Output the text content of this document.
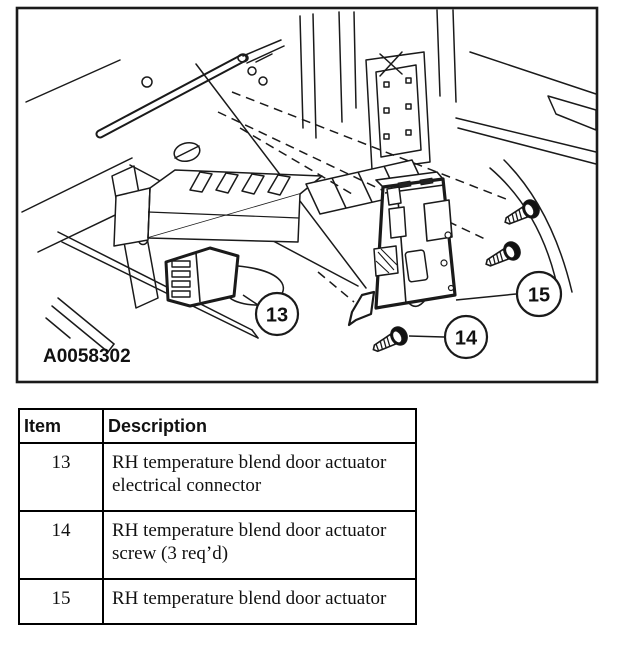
13
14
15
A0058302
Item	Description
13	RH temperature blend door actuator electrical connector
14	RH temperature blend door actuator screw (3 req’d)
15	RH temperature blend door actuator
